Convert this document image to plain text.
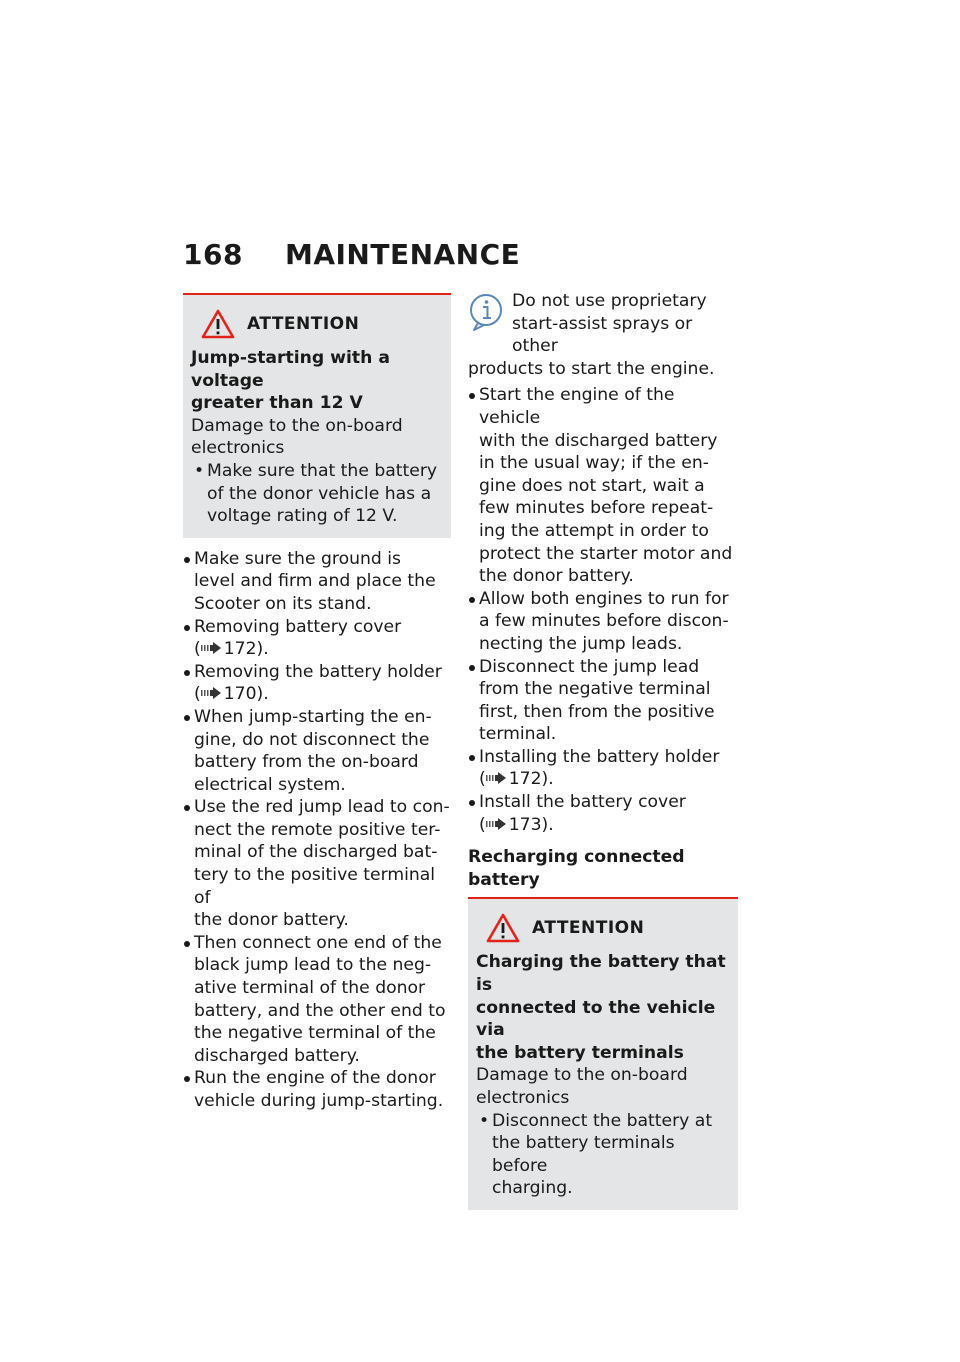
168 MAINTENANCE
ATTENTION
Jump-starting with a voltage
greater than 12 V
Damage to the on-board
electronics
• Make sure that the battery
of the donor vehicle has a
voltage rating of 12 V.
Make sure the ground is
level and firm and place the
Scooter on its stand.
Removing battery cover
( 172).
Removing the battery holder
( 170).
When jump-starting the en-
gine, do not disconnect the
battery from the on-board
electrical system.
Use the red jump lead to con-
nect the remote positive ter-
minal of the discharged bat-
tery to the positive terminal of
the donor battery.
Then connect one end of the
black jump lead to the neg-
ative terminal of the donor
battery, and the other end to
the negative terminal of the
discharged battery.
Run the engine of the donor
vehicle during jump-starting.
Do not use proprietary
start-assist sprays or other
products to start the engine.
Start the engine of the vehicle
with the discharged battery
in the usual way; if the en-
gine does not start, wait a
few minutes before repeat-
ing the attempt in order to
protect the starter motor and
the donor battery.
Allow both engines to run for
a few minutes before discon-
necting the jump leads.
Disconnect the jump lead
from the negative terminal
first, then from the positive
terminal.
Installing the battery holder
( 172).
Install the battery cover
( 173).
Recharging connected battery
ATTENTION
Charging the battery that is
connected to the vehicle via
the battery terminals
Damage to the on-board
electronics
• Disconnect the battery at
the battery terminals before
charging.
